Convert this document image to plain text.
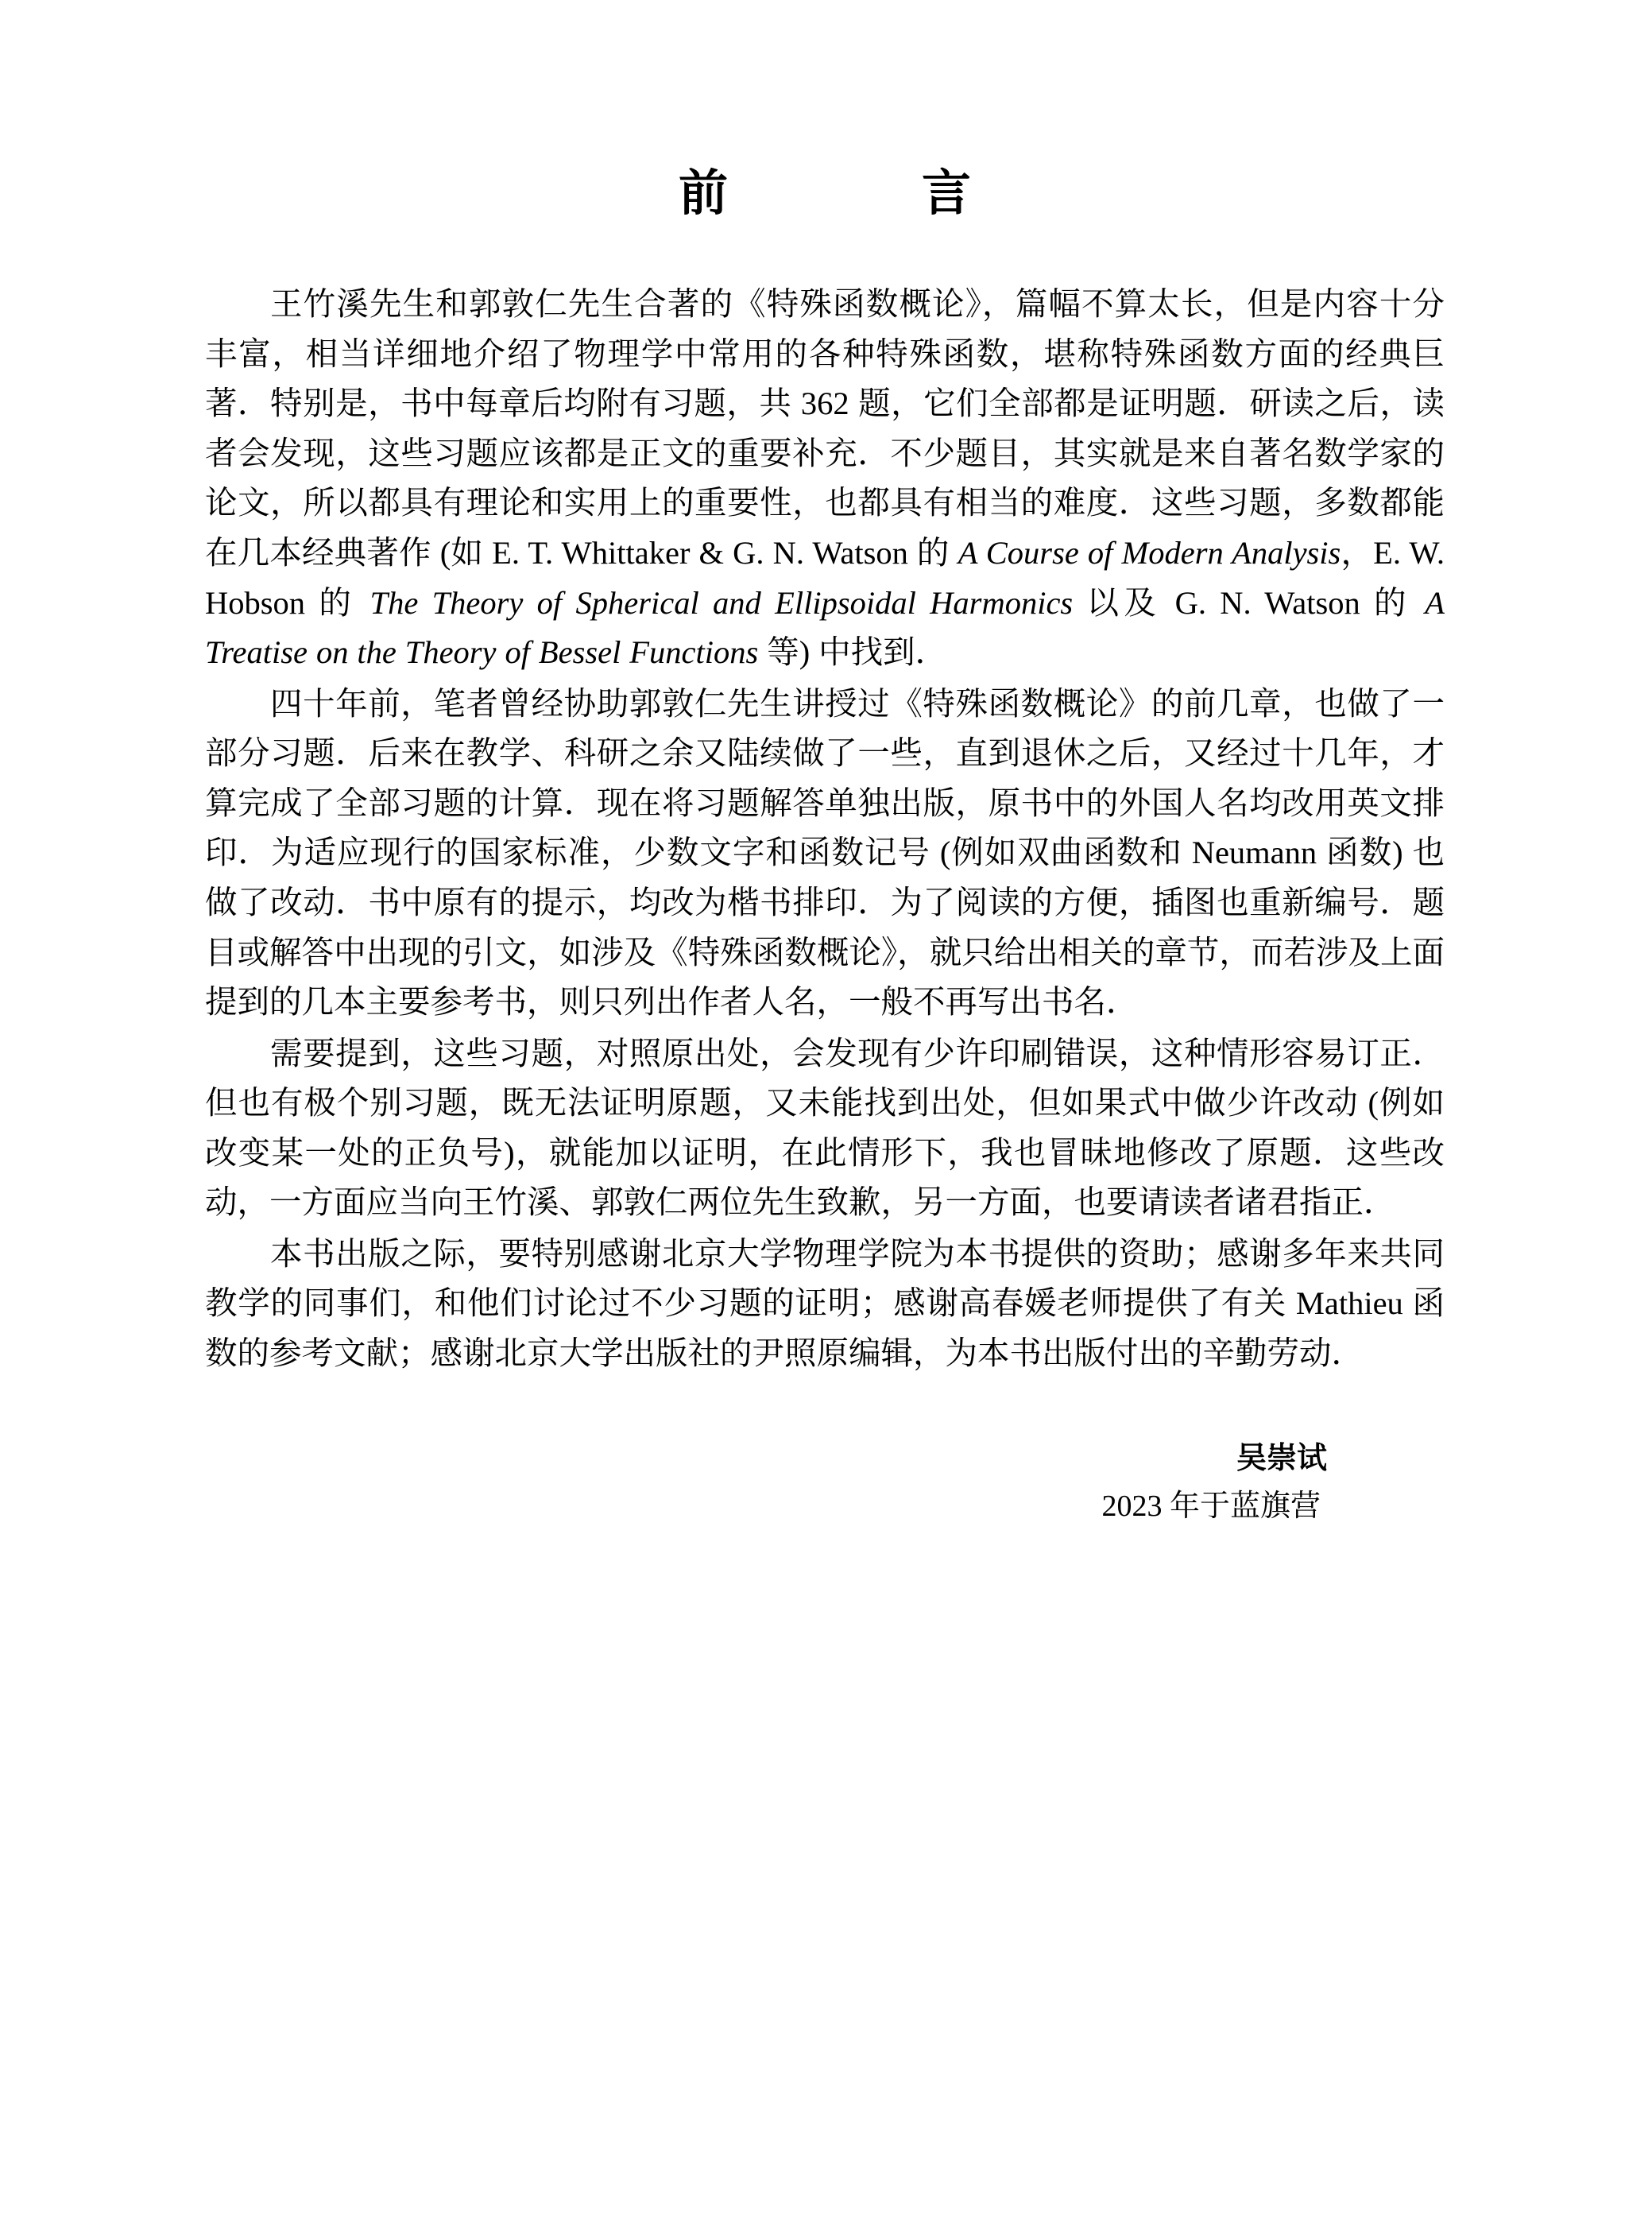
前　　言

王竹溪先生和郭敦仁先生合著的《特殊函数概论》，篇幅不算太长，但是内容十分丰富，相当详细地介绍了物理学中常用的各种特殊函数，堪称特殊函数方面的经典巨著．特别是，书中每章后均附有习题，共 362 题，它们全部都是证明题．研读之后，读者会发现，这些习题应该都是正文的重要补充．不少题目，其实就是来自著名数学家的论文，所以都具有理论和实用上的重要性，也都具有相当的难度．这些习题，多数都能在几本经典著作 (如 E. T. Whittaker & G. N. Watson 的 A Course of Modern Analysis，E. W. Hobson 的 The Theory of Spherical and Ellipsoidal Harmonics 以及 G. N. Watson 的 A Treatise on the Theory of Bessel Functions 等) 中找到．

四十年前，笔者曾经协助郭敦仁先生讲授过《特殊函数概论》的前几章，也做了一部分习题．后来在教学、科研之余又陆续做了一些，直到退休之后，又经过十几年，才算完成了全部习题的计算．现在将习题解答单独出版，原书中的外国人名均改用英文排印．为适应现行的国家标准，少数文字和函数记号 (例如双曲函数和 Neumann 函数) 也做了改动．书中原有的提示，均改为楷书排印．为了阅读的方便，插图也重新编号．题目或解答中出现的引文，如涉及《特殊函数概论》，就只给出相关的章节，而若涉及上面提到的几本主要参考书，则只列出作者人名，一般不再写出书名．

需要提到，这些习题，对照原出处，会发现有少许印刷错误，这种情形容易订正．但也有极个别习题，既无法证明原题，又未能找到出处，但如果式中做少许改动 (例如改变某一处的正负号)，就能加以证明，在此情形下，我也冒昧地修改了原题．这些改动，一方面应当向王竹溪、郭敦仁两位先生致歉，另一方面，也要请读者诸君指正．

本书出版之际，要特别感谢北京大学物理学院为本书提供的资助；感谢多年来共同教学的同事们，和他们讨论过不少习题的证明；感谢高春媛老师提供了有关 Mathieu 函数的参考文献；感谢北京大学出版社的尹照原编辑，为本书出版付出的辛勤劳动．

吴崇试

2023 年于蓝旗营
